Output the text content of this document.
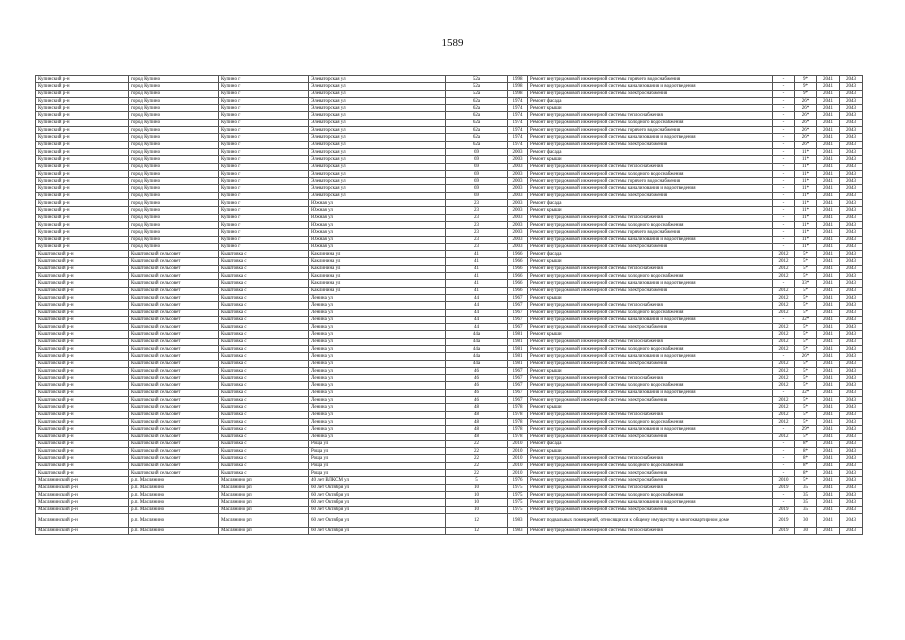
1589
Купинский р-н	город Купино	Купино г	Элеваторская ул	52а	1998	Ремонт внутридомовой инженерной системы горячего водоснабжения	-	9*	2041	2043
Купинский р-н	город Купино	Купино г	Элеваторская ул	52а	1998	Ремонт внутридомовой инженерной системы канализования и водоотведения	-	9*	2041	2043
Купинский р-н	город Купино	Купино г	Элеваторская ул	52а	1998	Ремонт внутридомовой инженерной системы электроснабжения	-	9*	2041	2043
Купинский р-н	город Купино	Купино г	Элеваторская ул	62а	1974	Ремонт фасада	-	26*	2041	2043
Купинский р-н	город Купино	Купино г	Элеваторская ул	62а	1974	Ремонт крыши	-	26*	2041	2043
Купинский р-н	город Купино	Купино г	Элеваторская ул	62а	1974	Ремонт внутридомовой инженерной системы теплоснабжения	-	26*	2041	2043
Купинский р-н	город Купино	Купино г	Элеваторская ул	62а	1974	Ремонт внутридомовой инженерной системы холодного водоснабжения	-	26*	2041	2043
Купинский р-н	город Купино	Купино г	Элеваторская ул	62а	1974	Ремонт внутридомовой инженерной системы горячего водоснабжения	-	26*	2041	2043
Купинский р-н	город Купино	Купино г	Элеваторская ул	62а	1974	Ремонт внутридомовой инженерной системы канализования и водоотведения	-	26*	2041	2043
Купинский р-н	город Купино	Купино г	Элеваторская ул	62а	1974	Ремонт внутридомовой инженерной системы электроснабжения	-	26*	2041	2043
Купинский р-н	город Купино	Купино г	Элеваторская ул	69	2003	Ремонт фасада	-	11*	2041	2043
Купинский р-н	город Купино	Купино г	Элеваторская ул	69	2003	Ремонт крыши	-	11*	2041	2043
Купинский р-н	город Купино	Купино г	Элеваторская ул	69	2003	Ремонт внутридомовой инженерной системы теплоснабжения	-	11*	2041	2043
Купинский р-н	город Купино	Купино г	Элеваторская ул	69	2003	Ремонт внутридомовой инженерной системы холодного водоснабжения	-	11*	2041	2043
Купинский р-н	город Купино	Купино г	Элеваторская ул	69	2003	Ремонт внутридомовой инженерной системы горячего водоснабжения	-	11*	2041	2043
Купинский р-н	город Купино	Купино г	Элеваторская ул	69	2003	Ремонт внутридомовой инженерной системы канализования и водоотведения	-	11*	2041	2043
Купинский р-н	город Купино	Купино г	Элеваторская ул	69	2003	Ремонт внутридомовой инженерной системы электроснабжения	-	11*	2041	2043
Купинский р-н	город Купино	Купино г	Южная ул	23	2003	Ремонт фасада	-	11*	2041	2043
Купинский р-н	город Купино	Купино г	Южная ул	23	2003	Ремонт крыши	-	11*	2041	2043
Купинский р-н	город Купино	Купино г	Южная ул	23	2003	Ремонт внутридомовой инженерной системы теплоснабжения	-	11*	2041	2043
Купинский р-н	город Купино	Купино г	Южная ул	23	2003	Ремонт внутридомовой инженерной системы холодного водоснабжения	-	11*	2041	2043
Купинский р-н	город Купино	Купино г	Южная ул	23	2003	Ремонт внутридомовой инженерной системы горячего водоснабжения	-	11*	2041	2043
Купинский р-н	город Купино	Купино г	Южная ул	23	2003	Ремонт внутридомовой инженерной системы канализования и водоотведения	-	11*	2041	2043
Купинский р-н	город Купино	Купино г	Южная ул	23	2003	Ремонт внутридомовой инженерной системы электроснабжения	-	11*	2041	2043
Кыштовский р-н	Кыштовский сельсовет	Кыштовка с	Каклинина ул	41	1966	Ремонт фасада	2012	5*	2041	2043
Кыштовский р-н	Кыштовский сельсовет	Кыштовка с	Каклинина ул	41	1966	Ремонт крыши	2012	5*	2041	2043
Кыштовский р-н	Кыштовский сельсовет	Кыштовка с	Каклинина ул	41	1966	Ремонт внутридомовой инженерной системы теплоснабжения	2012	5*	2041	2043
Кыштовский р-н	Кыштовский сельсовет	Кыштовка с	Каклинина ул	41	1966	Ремонт внутридомовой инженерной системы холодного водоснабжения	2012	5*	2041	2043
Кыштовский р-н	Кыштовский сельсовет	Кыштовка с	Каклинина ул	41	1966	Ремонт внутридомовой инженерной системы канализования и водоотведения	-	33*	2041	2043
Кыштовский р-н	Кыштовский сельсовет	Кыштовка с	Каклинина ул	41	1966	Ремонт внутридомовой инженерной системы электроснабжения	2012	5*	2041	2043
Кыштовский р-н	Кыштовский сельсовет	Кыштовка с	Ленина ул	44	1967	Ремонт крыши	2012	5*	2041	2043
Кыштовский р-н	Кыштовский сельсовет	Кыштовка с	Ленина ул	44	1967	Ремонт внутридомовой инженерной системы теплоснабжения	2012	5*	2041	2043
Кыштовский р-н	Кыштовский сельсовет	Кыштовка с	Ленина ул	44	1967	Ремонт внутридомовой инженерной системы холодного водоснабжения	2012	5*	2041	2043
Кыштовский р-н	Кыштовский сельсовет	Кыштовка с	Ленина ул	44	1967	Ремонт внутридомовой инженерной системы канализования и водоотведения	-	32*	2041	2043
Кыштовский р-н	Кыштовский сельсовет	Кыштовка с	Ленина ул	44	1967	Ремонт внутридомовой инженерной системы электроснабжения	2012	5*	2041	2043
Кыштовский р-н	Кыштовский сельсовет	Кыштовка с	Ленина ул	44а	1981	Ремонт крыши	2012	5*	2041	2043
Кыштовский р-н	Кыштовский сельсовет	Кыштовка с	Ленина ул	44а	1981	Ремонт внутридомовой инженерной системы теплоснабжения	2012	5*	2041	2043
Кыштовский р-н	Кыштовский сельсовет	Кыштовка с	Ленина ул	44а	1981	Ремонт внутридомовой инженерной системы холодного водоснабжения	2012	5*	2041	2043
Кыштовский р-н	Кыштовский сельсовет	Кыштовка с	Ленина ул	44а	1981	Ремонт внутридомовой инженерной системы канализования и водоотведения	-	26*	2041	2043
Кыштовский р-н	Кыштовский сельсовет	Кыштовка с	Ленина ул	44а	1981	Ремонт внутридомовой инженерной системы электроснабжения	2012	5*	2041	2043
Кыштовский р-н	Кыштовский сельсовет	Кыштовка с	Ленина ул	46	1967	Ремонт крыши	2012	5*	2041	2043
Кыштовский р-н	Кыштовский сельсовет	Кыштовка с	Ленина ул	46	1967	Ремонт внутридомовой инженерной системы теплоснабжения	2012	5*	2041	2043
Кыштовский р-н	Кыштовский сельсовет	Кыштовка с	Ленина ул	46	1967	Ремонт внутридомовой инженерной системы холодного водоснабжения	2012	5*	2041	2043
Кыштовский р-н	Кыштовский сельсовет	Кыштовка с	Ленина ул	46	1967	Ремонт внутридомовой инженерной системы канализования и водоотведения	-	32*	2041	2043
Кыштовский р-н	Кыштовский сельсовет	Кыштовка с	Ленина ул	46	1967	Ремонт внутридомовой инженерной системы электроснабжения	2012	5*	2041	2043
Кыштовский р-н	Кыштовский сельсовет	Кыштовка с	Ленина ул	48	1978	Ремонт крыши	2012	5*	2041	2043
Кыштовский р-н	Кыштовский сельсовет	Кыштовка с	Ленина ул	48	1978	Ремонт внутридомовой инженерной системы теплоснабжения	2012	5*	2041	2043
Кыштовский р-н	Кыштовский сельсовет	Кыштовка с	Ленина ул	48	1978	Ремонт внутридомовой инженерной системы холодного водоснабжения	2012	5*	2041	2043
Кыштовский р-н	Кыштовский сельсовет	Кыштовка с	Ленина ул	48	1978	Ремонт внутридомовой инженерной системы канализования и водоотведения	-	29*	2041	2043
Кыштовский р-н	Кыштовский сельсовет	Кыштовка с	Ленина ул	48	1978	Ремонт внутридомовой инженерной системы электроснабжения	2012	5*	2041	2043
Кыштовский р-н	Кыштовский сельсовет	Кыштовка с	Роща ул	22	2010	Ремонт фасада	-	8*	2041	2043
Кыштовский р-н	Кыштовский сельсовет	Кыштовка с	Роща ул	22	2010	Ремонт крыши	-	8*	2041	2043
Кыштовский р-н	Кыштовский сельсовет	Кыштовка с	Роща ул	22	2010	Ремонт внутридомовой инженерной системы теплоснабжения	-	8*	2041	2043
Кыштовский р-н	Кыштовский сельсовет	Кыштовка с	Роща ул	22	2010	Ремонт внутридомовой инженерной системы холодного водоснабжения	-	8*	2041	2043
Кыштовский р-н	Кыштовский сельсовет	Кыштовка с	Роща ул	22	2010	Ремонт внутридомовой инженерной системы электроснабжения	-	8*	2041	2043
Маслянинский р-н	р.п. Маслянино	Маслянино рп	40 лет ВЛКСМ ул	5	1976	Ремонт внутридомовой инженерной системы электроснабжения	2010	5*	2041	2043
Маслянинский р-н	р.п. Маслянино	Маслянино рп	60 лет Октября ул	10	1975	Ремонт внутридомовой инженерной системы теплоснабжения	2019	35	2041	2043
Маслянинский р-н	р.п. Маслянино	Маслянино рп	60 лет Октября ул	10	1975	Ремонт внутридомовой инженерной системы холодного водоснабжения	-	35	2041	2043
Маслянинский р-н	р.п. Маслянино	Маслянино рп	60 лет Октября ул	10	1975	Ремонт внутридомовой инженерной системы канализования и водоотведения	-	35	2041	2043
Маслянинский р-н	р.п. Маслянино	Маслянино рп	60 лет Октября ул	10	1975	Ремонт внутридомовой инженерной системы электроснабжения	2019	35	2041	2043
Маслянинский р-н	р.п. Маслянино	Маслянино рп	60 лет Октября ул	12	1983	Ремонт подвальных помещений, относящихся к общему имуществу в многоквартирном доме	2019	30	2041	2043
Маслянинский р-н	р.п. Маслянино	Маслянино рп	60 лет Октября ул	12	1983	Ремонт внутридомовой инженерной системы теплоснабжения	2019	30	2041	2043
